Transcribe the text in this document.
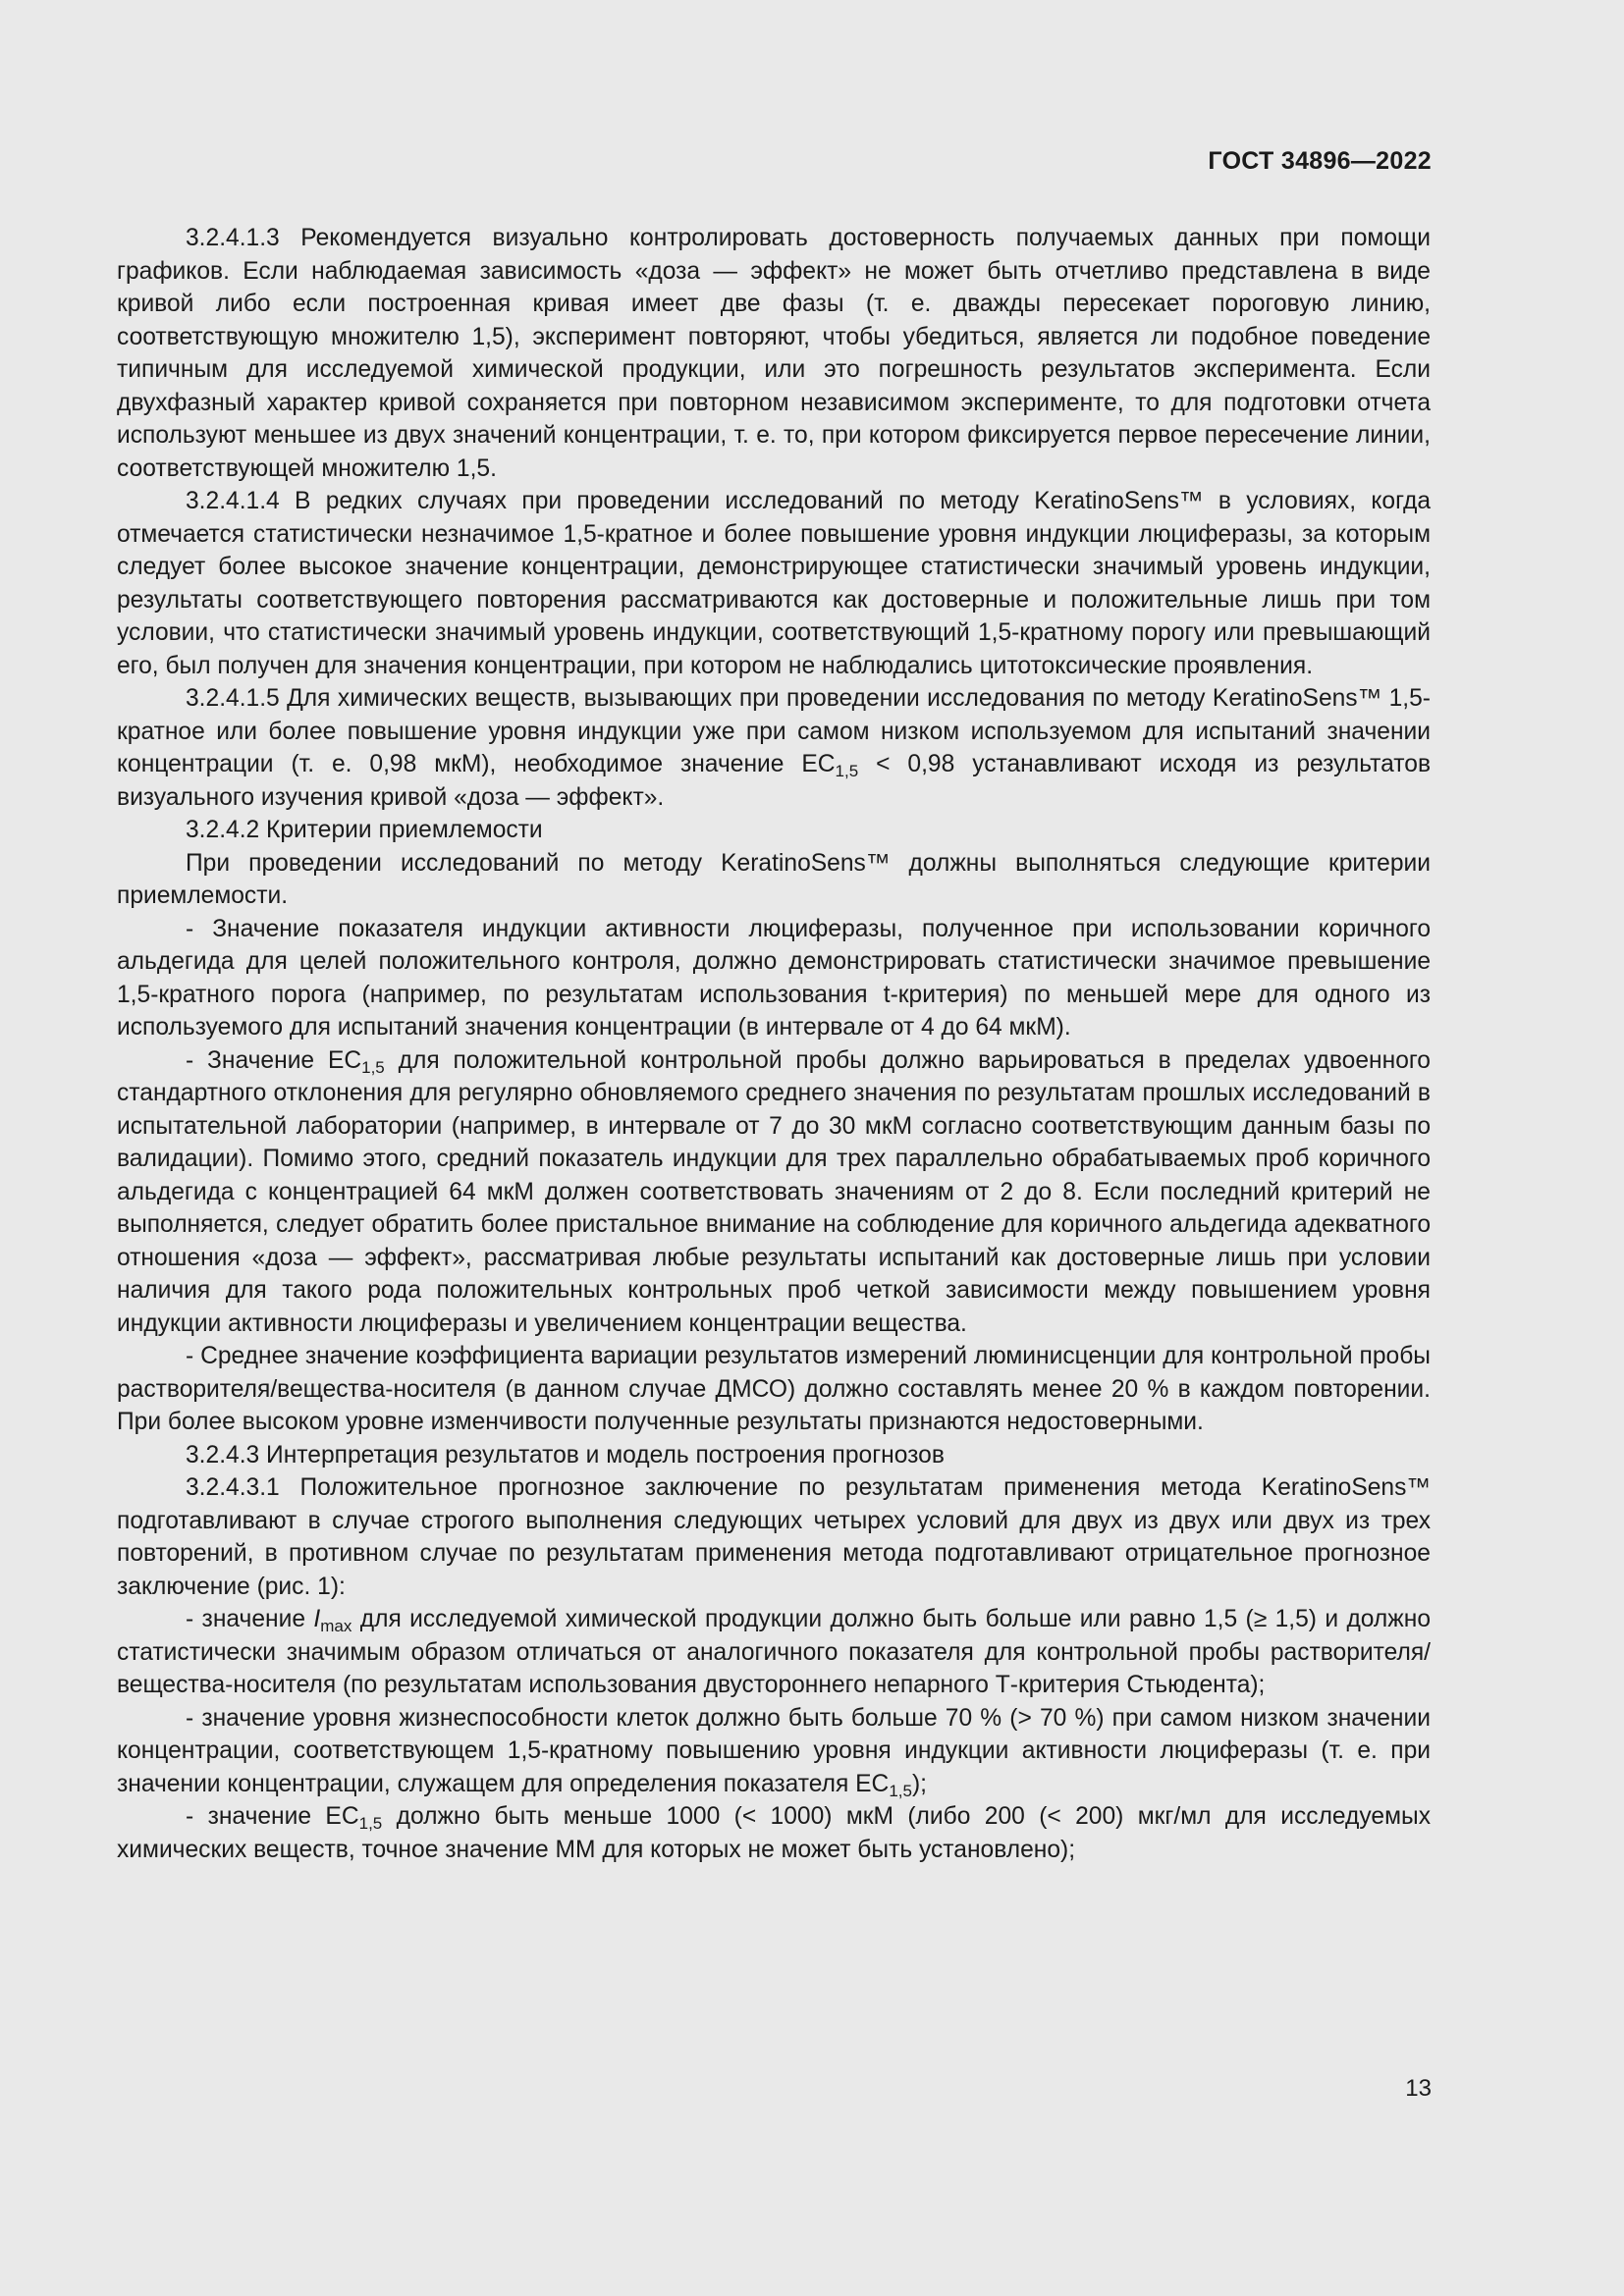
ГОСТ 34896—2022

3.2.4.1.3 Рекомендуется визуально контролировать достоверность получаемых данных при помощи графиков. Если наблюдаемая зависимость «доза — эффект» не может быть отчетливо представлена в виде кривой либо если построенная кривая имеет две фазы (т. е. дважды пересекает пороговую линию, соответствующую множителю 1,5), эксперимент повторяют, чтобы убедиться, является ли подобное поведение типичным для исследуемой химической продукции, или это погрешность результатов эксперимента. Если двухфазный характер кривой сохраняется при повторном независимом эксперименте, то для подготовки отчета используют меньшее из двух значений концентрации, т. е. то, при котором фиксируется первое пересечение линии, соответствующей множителю 1,5.

3.2.4.1.4 В редких случаях при проведении исследований по методу KeratinoSens™ в условиях, когда отмечается статистически незначимое 1,5-кратное и более повышение уровня индукции люциферазы, за которым следует более высокое значение концентрации, демонстрирующее статистически значимый уровень индукции, результаты соответствующего повторения рассматриваются как достоверные и положительные лишь при том условии, что статистически значимый уровень индукции, соответствующий 1,5-кратному порогу или превышающий его, был получен для значения концентрации, при котором не наблюдались цитотоксические проявления.

3.2.4.1.5 Для химических веществ, вызывающих при проведении исследования по методу KeratinoSens™ 1,5-кратное или более повышение уровня индукции уже при самом низком используемом для испытаний значении концентрации (т. е. 0,98 мкМ), необходимое значение $EC_{1,5} < 0,98$ устанавливают исходя из результатов визуального изучения кривой «доза — эффект».

3.2.4.2 Критерии приемлемости

При проведении исследований по методу KeratinoSens™ должны выполняться следующие критерии приемлемости.

- Значение показателя индукции активности люциферазы, полученное при использовании коричного альдегида для целей положительного контроля, должно демонстрировать статистически значимое превышение 1,5-кратного порога (например, по результатам использования t-критерия) по меньшей мере для одного из используемого для испытаний значения концентрации (в интервале от 4 до 64 мкМ).

- Значение $EC_{1,5}$ для положительной контрольной пробы должно варьироваться в пределах удвоенного стандартного отклонения для регулярно обновляемого среднего значения по результатам прошлых исследований в испытательной лаборатории (например, в интервале от 7 до 30 мкМ согласно соответствующим данным базы по валидации). Помимо этого, средний показатель индукции для трех параллельно обрабатываемых проб коричного альдегида с концентрацией 64 мкМ должен соответствовать значениям от 2 до 8. Если последний критерий не выполняется, следует обратить более пристальное внимание на соблюдение для коричного альдегида адекватного отношения «доза — эффект», рассматривая любые результаты испытаний как достоверные лишь при условии наличия для такого рода положительных контрольных проб четкой зависимости между повышением уровня индукции активности люциферазы и увеличением концентрации вещества.

- Среднее значение коэффициента вариации результатов измерений люминисценции для контрольной пробы растворителя/вещества-носителя (в данном случае ДМСО) должно составлять менее 20 % в каждом повторении. При более высоком уровне изменчивости полученные результаты признаются недостоверными.

3.2.4.3 Интерпретация результатов и модель построения прогнозов

3.2.4.3.1 Положительное прогнозное заключение по результатам применения метода KeratinoSens™ подготавливают в случае строгого выполнения следующих четырех условий для двух из двух или двух из трех повторений, в противном случае по результатам применения метода подготавливают отрицательное прогнозное заключение (рис. 1):

- значение $I_{max}$ для исследуемой химической продукции должно быть больше или равно 1,5 (≥ 1,5) и должно статистически значимым образом отличаться от аналогичного показателя для контрольной пробы растворителя/вещества-носителя (по результатам использования двустороннего непарного Т-критерия Стьюдента);

- значение уровня жизнеспособности клеток должно быть больше 70 % (> 70 %) при самом низком значении концентрации, соответствующем 1,5-кратному повышению уровня индукции активности люциферазы (т. е. при значении концентрации, служащем для определения показателя $EC_{1,5}$);

- значение $EC_{1,5}$ должно быть меньше 1000 (< 1000) мкМ (либо 200 (< 200) мкг/мл для исследуемых химических веществ, точное значение ММ для которых не может быть установлено);

13
